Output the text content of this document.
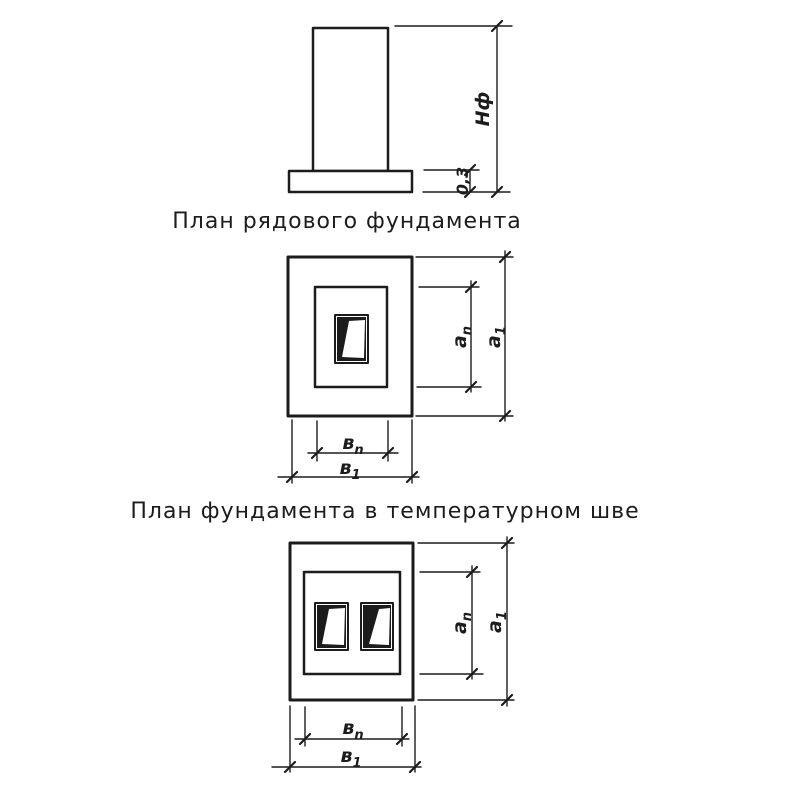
Нф
0,3
План рядового фундамента
$а_n$
$а_1$
$в_n$
$в_1$
План фундамента в температурном шве
$а_n$
$а_1$
$в_n$
$в_1$
